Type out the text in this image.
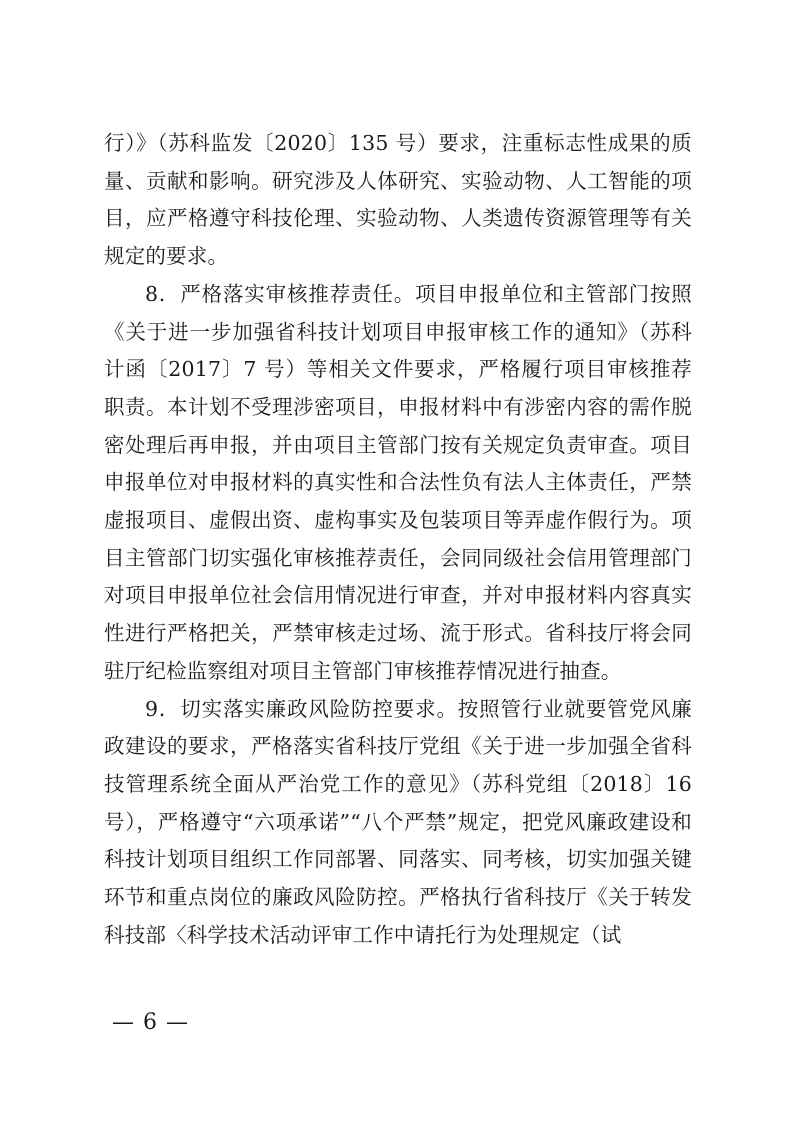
行）》（苏科监发〔2020〕135 号）要求，注重标志性成果的质量、贡献和影响。研究涉及人体研究、实验动物、人工智能的项目，应严格遵守科技伦理、实验动物、人类遗传资源管理等有关规定的要求。

8．严格落实审核推荐责任。项目申报单位和主管部门按照《关于进一步加强省科技计划项目申报审核工作的通知》（苏科计函〔2017〕7 号）等相关文件要求，严格履行项目审核推荐职责。本计划不受理涉密项目，申报材料中有涉密内容的需作脱密处理后再申报，并由项目主管部门按有关规定负责审查。项目申报单位对申报材料的真实性和合法性负有法人主体责任，严禁虚报项目、虚假出资、虚构事实及包装项目等弄虚作假行为。项目主管部门切实强化审核推荐责任，会同同级社会信用管理部门对项目申报单位社会信用情况进行审查，并对申报材料内容真实性进行严格把关，严禁审核走过场、流于形式。省科技厅将会同驻厅纪检监察组对项目主管部门审核推荐情况进行抽查。

9．切实落实廉政风险防控要求。按照管行业就要管党风廉政建设的要求，严格落实省科技厅党组《关于进一步加强全省科技管理系统全面从严治党工作的意见》（苏科党组〔2018〕16 号），严格遵守“六项承诺”“八个严禁”规定，把党风廉政建设和科技计划项目组织工作同部署、同落实、同考核，切实加强关键环节和重点岗位的廉政风险防控。严格执行省科技厅《关于转发科技部〈科学技术活动评审工作中请托行为处理规定（试

— 6 —
